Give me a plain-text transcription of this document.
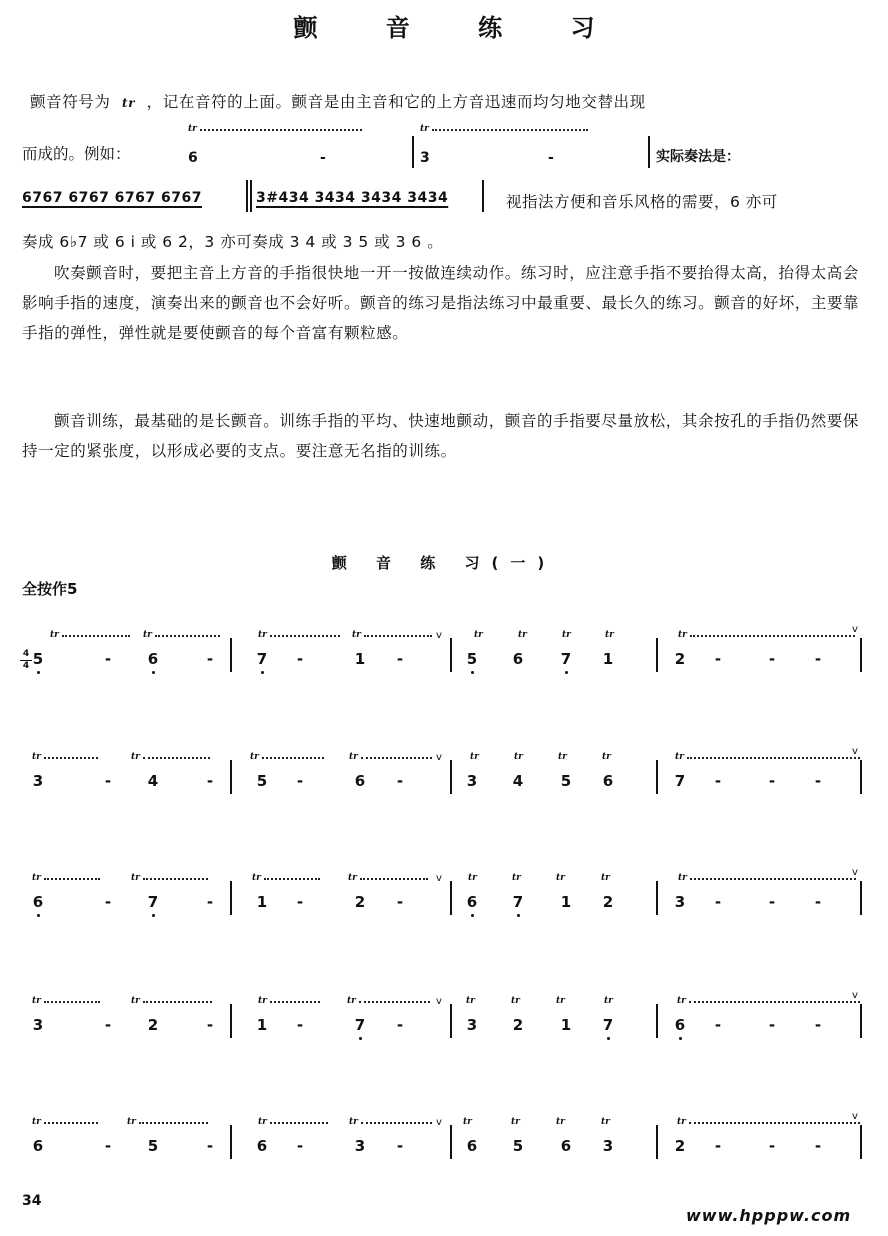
颤 音 练 习
颤音符号为 tr ，记在音符的上面。颤音是由主音和它的上方音迅速而均匀地交替出现
而成的。例如：
tr
6	-
tr
3	-	实际奏法是：
6767 6767 6767 6767	3#434 3434 3434 3434	视指法方便和音乐风格的需要，6 亦可
奏成 6♭7 或 6 i 或 6 2̇，3 亦可奏成 3 4 或 3 5 或 3 6 。
吹奏颤音时，要把主音上方音的手指很快地一开一按做连续动作。练习时，应注意手指不要抬得太高，抬得太高会影响手指的速度，演奏出来的颤音也不会好听。颤音的练习是指法练习中最重要、最长久的练习。颤音的好坏，主要靠手指的弹性，弹性就是要使颤音的每个音富有颗粒感。
颤音训练，最基础的是长颤音。训练手指的平均、快速地颤动，颤音的手指要尽量放松，其余按孔的手指仍然要保持一定的紧张度，以形成必要的支点。要注意无名指的训练。
颤 音 练 习(一)
全按作5
4
4
tr	tr	tr	tr	tr	tr	tr	tr	tr
5	-	6	-	7	-	1	-	5 6	7 1	2	-	-	-
v
v
tr	tr	tr	tr	tr	tr	tr	tr	tr
3	-	4	-	5	-	6	-	3 4	5 6	7	-	-	-
v
v
tr	tr	tr	tr	tr	tr	tr	tr	tr
6	-	7	-	1	-	2	-	6 7	1 2	3	-	-	-
v
v
tr	tr	tr	tr	tr	tr	tr	tr	tr
3	-	2	-	1	-	7	-	3 2	1 7	6	-	-	-
v
v
tr	tr	tr	tr	tr	tr	tr	tr	tr
6	-	5	-	6	-	3	-	6 5	6 3	2	-	-	-
v
v
34
www.hpppw.com
